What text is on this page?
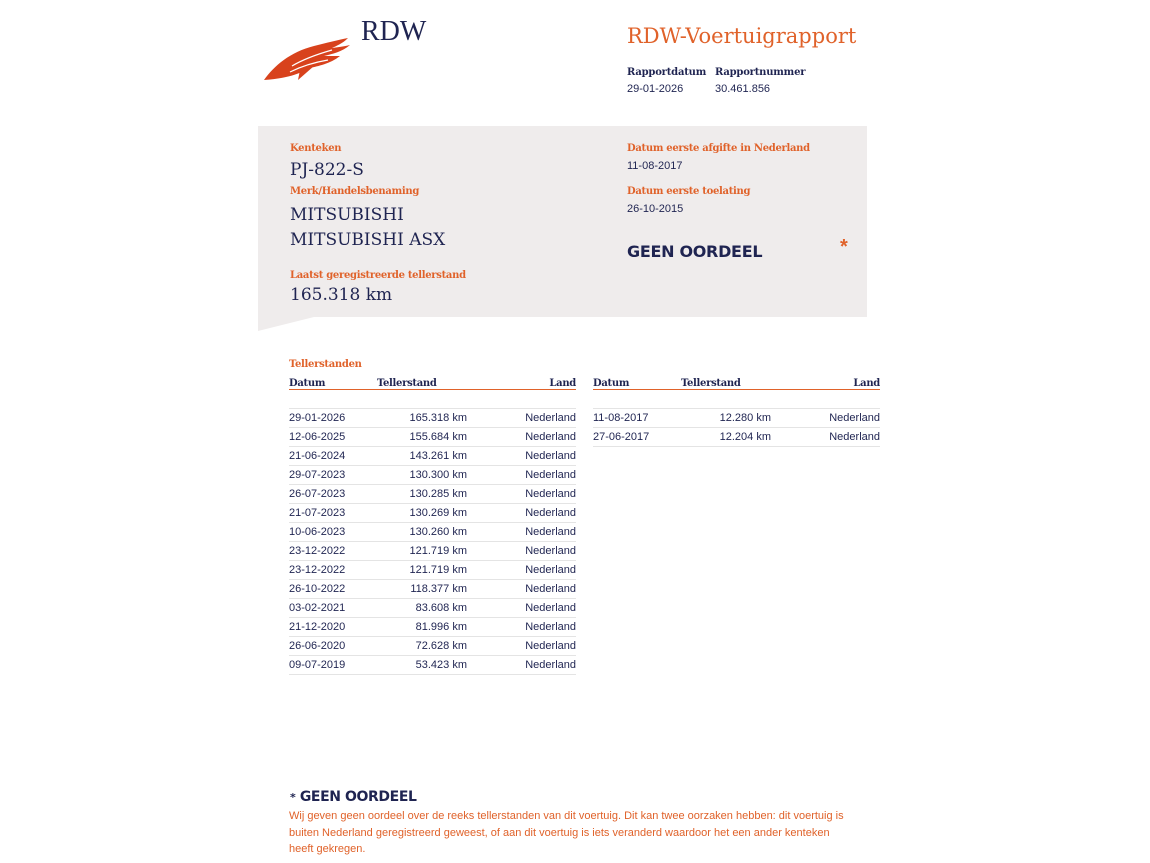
RDW	RDW-Voertuigrapport
Rapportdatum
29-01-2026
Rapportnummer
30.461.856
Kenteken
PJ-822-S
Merk/Handelsbenaming
MITSUBISHI
MITSUBISHI ASX
Laatst geregistreerde tellerstand
165.318 km
Datum eerste afgifte in Nederland
11-08-2017
Datum eerste toelating
26-10-2015
GEEN OORDEEL	*
Tellerstanden
Datum	Tellerstand	Land

29-01-2026	165.318 km	Nederland
12-06-2025	155.684 km	Nederland
21-06-2024	143.261 km	Nederland
29-07-2023	130.300 km	Nederland
26-07-2023	130.285 km	Nederland
21-07-2023	130.269 km	Nederland
10-06-2023	130.260 km	Nederland
23-12-2022	121.719 km	Nederland
23-12-2022	121.719 km	Nederland
26-10-2022	118.377 km	Nederland
03-02-2021	83.608 km	Nederland
21-12-2020	81.996 km	Nederland
26-06-2020	72.628 km	Nederland
09-07-2019	53.423 km	Nederland
Datum	Tellerstand	Land

11-08-2017	12.280 km	Nederland
27-06-2017	12.204 km	Nederland
* GEEN OORDEEL
Wij geven geen oordeel over de reeks tellerstanden van dit voertuig. Dit kan twee oorzaken hebben: dit voertuig is buiten Nederland geregistreerd geweest, of aan dit voertuig is iets veranderd waardoor het een ander kenteken heeft gekregen.
